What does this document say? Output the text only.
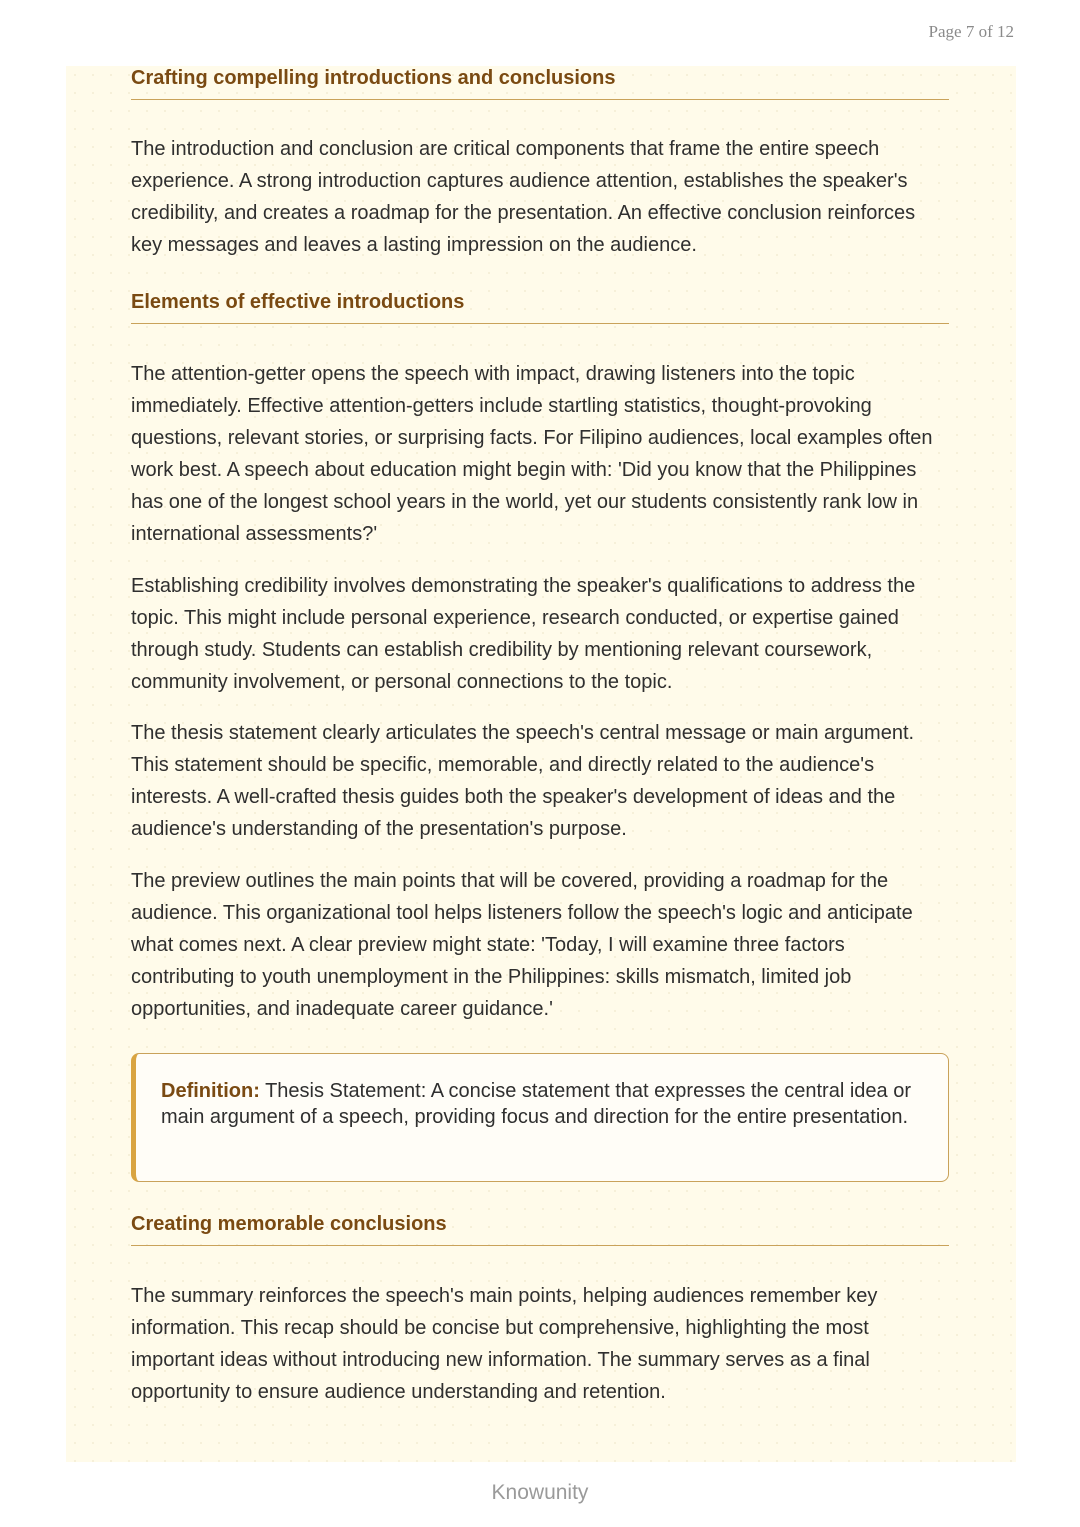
Page 7 of 12
Crafting compelling introductions and conclusions

The introduction and conclusion are critical components that frame the entire speech experience. A strong introduction captures audience attention, establishes the speaker's credibility, and creates a roadmap for the presentation. An effective conclusion reinforces key messages and leaves a lasting impression on the audience.

Elements of effective introductions

The attention-getter opens the speech with impact, drawing listeners into the topic immediately. Effective attention-getters include startling statistics, thought-provoking questions, relevant stories, or surprising facts. For Filipino audiences, local examples often work best. A speech about education might begin with: 'Did you know that the Philippines has one of the longest school years in the world, yet our students consistently rank low in international assessments?'

Establishing credibility involves demonstrating the speaker's qualifications to address the topic. This might include personal experience, research conducted, or expertise gained through study. Students can establish credibility by mentioning relevant coursework, community involvement, or personal connections to the topic.

The thesis statement clearly articulates the speech's central message or main argument. This statement should be specific, memorable, and directly related to the audience's interests. A well-crafted thesis guides both the speaker's development of ideas and the audience's understanding of the presentation's purpose.

The preview outlines the main points that will be covered, providing a roadmap for the audience. This organizational tool helps listeners follow the speech's logic and anticipate what comes next. A clear preview might state: 'Today, I will examine three factors contributing to youth unemployment in the Philippines: skills mismatch, limited job opportunities, and inadequate career guidance.'

Definition: Thesis Statement: A concise statement that expresses the central idea or main argument of a speech, providing focus and direction for the entire presentation.
Creating memorable conclusions

The summary reinforces the speech's main points, helping audiences remember key information. This recap should be concise but comprehensive, highlighting the most important ideas without introducing new information. The summary serves as a final opportunity to ensure audience understanding and retention.

Knowunity
